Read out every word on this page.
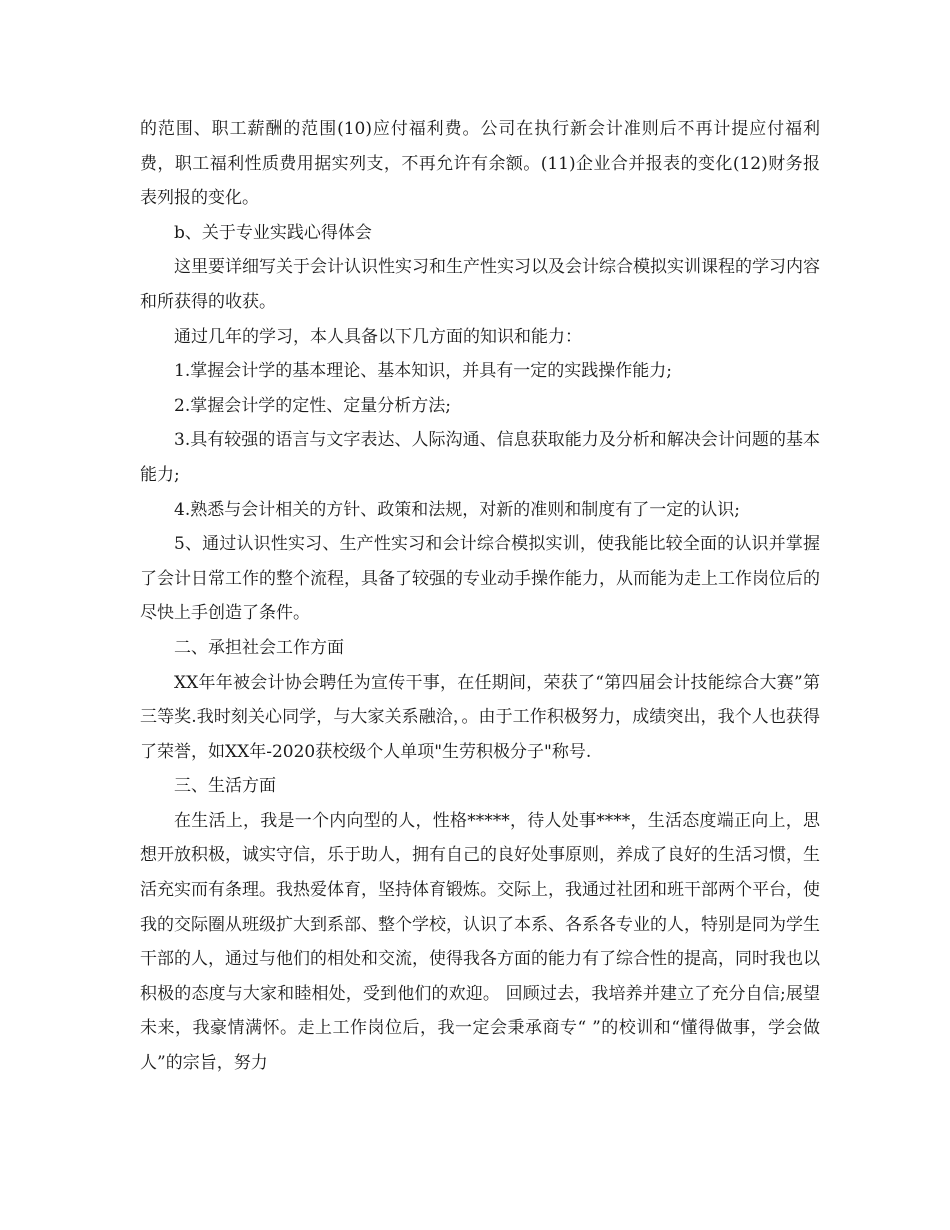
的范围、职工薪酬的范围(10)应付福利费。公司在执行新会计准则后不再计提应付福利费，职工福利性质费用据实列支，不再允许有余额。(11)企业合并报表的变化(12)财务报表列报的变化。

b、关于专业实践心得体会

这里要详细写关于会计认识性实习和生产性实习以及会计综合模拟实训课程的学习内容和所获得的收获。

通过几年的学习，本人具备以下几方面的知识和能力：

1.掌握会计学的基本理论、基本知识，并具有一定的实践操作能力;

2.掌握会计学的定性、定量分析方法;

3.具有较强的语言与文字表达、人际沟通、信息获取能力及分析和解决会计问题的基本能力;

4.熟悉与会计相关的方针、政策和法规，对新的准则和制度有了一定的认识;

5、通过认识性实习、生产性实习和会计综合模拟实训，使我能比较全面的认识并掌握了会计日常工作的整个流程，具备了较强的专业动手操作能力，从而能为走上工作岗位后的尽快上手创造了条件。

二、承担社会工作方面

XX年年被会计协会聘任为宣传干事，在任期间，荣获了“第四届会计技能综合大赛”第三等奖.我时刻关心同学，与大家关系融洽，。由于工作积极努力，成绩突出，我个人也获得了荣誉，如XX年-2020获校级个人单项"生劳积极分子"称号.

三、生活方面

在生活上，我是一个内向型的人，性格*****，待人处事****，生活态度端正向上，思想开放积极，诚实守信，乐于助人，拥有自己的良好处事原则，养成了良好的生活习惯，生活充实而有条理。我热爱体育，坚持体育锻炼。交际上，我通过社团和班干部两个平台，使我的交际圈从班级扩大到系部、整个学校，认识了本系、各系各专业的人，特别是同为学生干部的人，通过与他们的相处和交流，使得我各方面的能力有了综合性的提高，同时我也以积极的态度与大家和睦相处，受到他们的欢迎。 回顾过去，我培养并建立了充分自信;展望未来，我豪情满怀。走上工作岗位后，我一定会秉承商专“ ”的校训和“懂得做事，学会做人”的宗旨，努力
